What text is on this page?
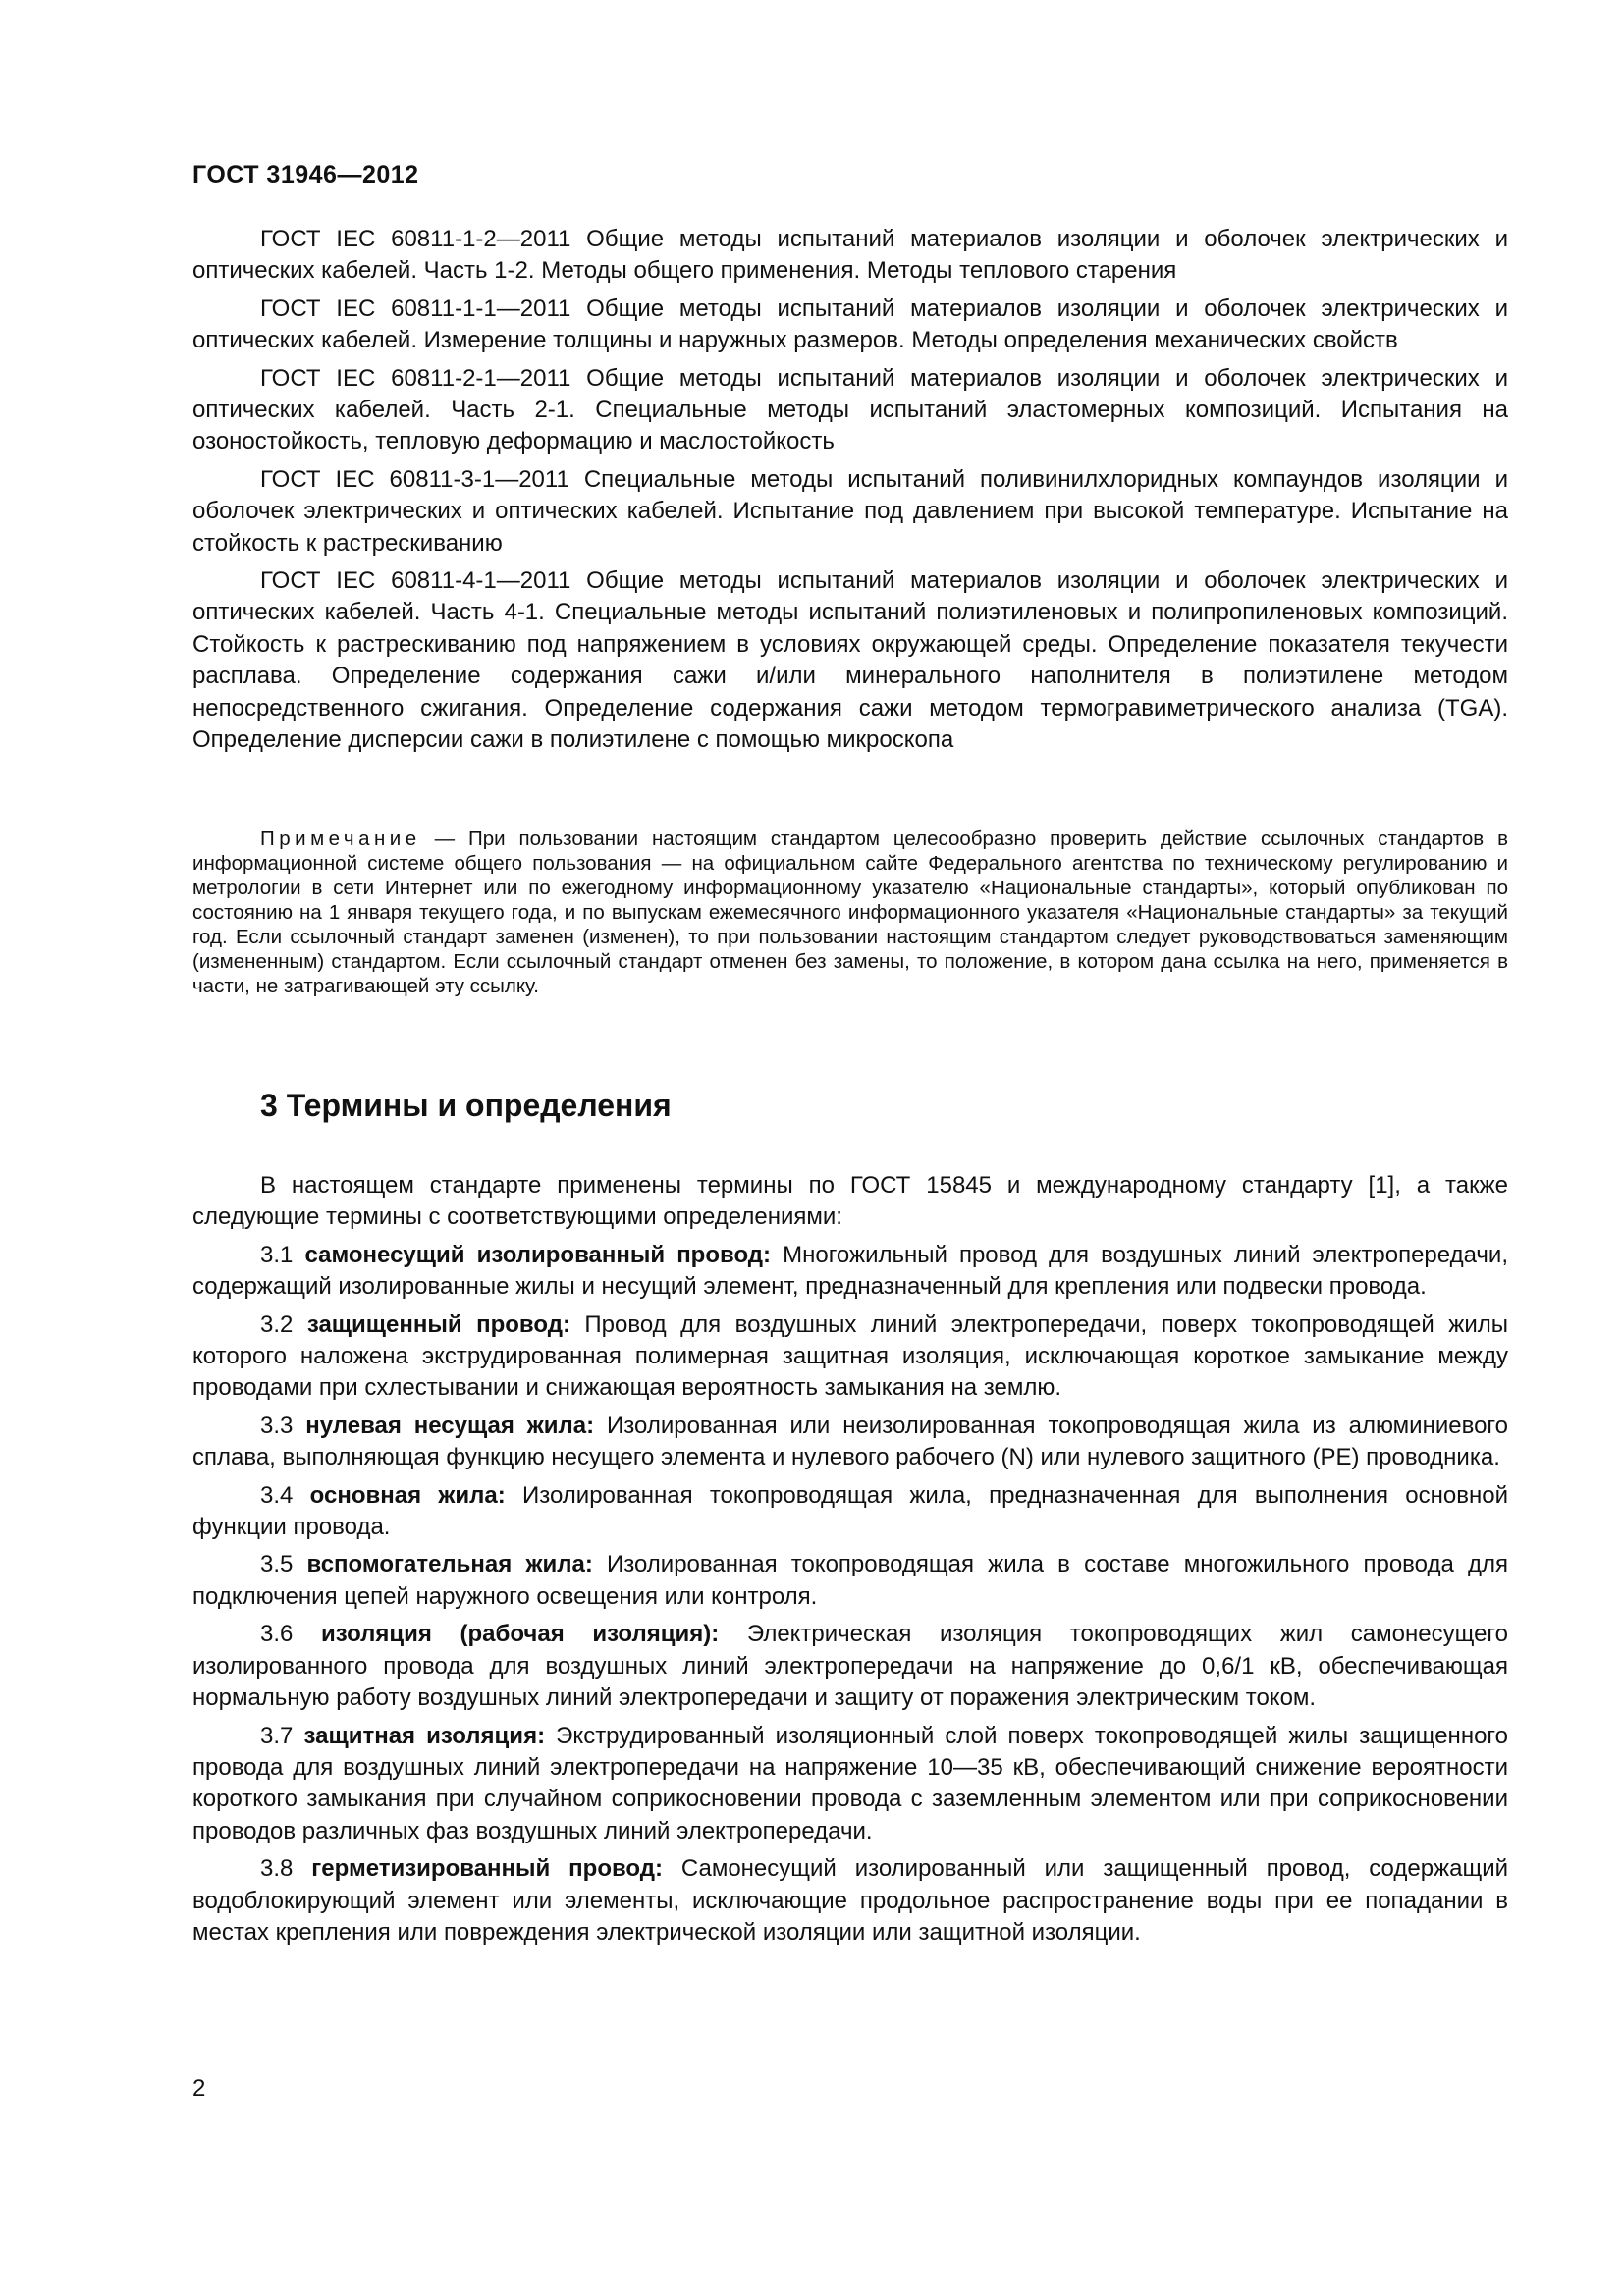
ГОСТ 31946—2012

ГОСТ IEC 60811-1-2—2011 Общие методы испытаний материалов изоляции и оболочек электрических и оптических кабелей. Часть 1-2. Методы общего применения. Методы теплового старения

ГОСТ IEC 60811-1-1—2011 Общие методы испытаний материалов изоляции и оболочек электрических и оптических кабелей. Измерение толщины и наружных размеров. Методы определения механических свойств

ГОСТ IEC 60811-2-1—2011 Общие методы испытаний материалов изоляции и оболочек электрических и оптических кабелей. Часть 2-1. Специальные методы испытаний эластомерных композиций. Испытания на озоностойкость, тепловую деформацию и маслостойкость

ГОСТ IEC 60811-3-1—2011 Специальные методы испытаний поливинилхлоридных компаундов изоляции и оболочек электрических и оптических кабелей. Испытание под давлением при высокой температуре. Испытание на стойкость к растрескиванию

ГОСТ IEC 60811-4-1—2011 Общие методы испытаний материалов изоляции и оболочек электрических и оптических кабелей. Часть 4-1. Специальные методы испытаний полиэтиленовых и полипропиленовых композиций. Стойкость к растрескиванию под напряжением в условиях окружающей среды. Определение показателя текучести расплава. Определение содержания сажи и/или минерального наполнителя в полиэтилене методом непосредственного сжигания. Определение содержания сажи методом термогравиметрического анализа (TGA). Определение дисперсии сажи в полиэтилене с помощью микроскопа

Примечание — При пользовании настоящим стандартом целесообразно проверить действие ссылочных стандартов в информационной системе общего пользования — на официальном сайте Федерального агентства по техническому регулированию и метрологии в сети Интернет или по ежегодному информационному указателю «Национальные стандарты», который опубликован по состоянию на 1 января текущего года, и по выпускам ежемесячного информационного указателя «Национальные стандарты» за текущий год. Если ссылочный стандарт заменен (изменен), то при пользовании настоящим стандартом следует руководствоваться заменяющим (измененным) стандартом. Если ссылочный стандарт отменен без замены, то положение, в котором дана ссылка на него, применяется в части, не затрагивающей эту ссылку.

3 Термины и определения

В настоящем стандарте применены термины по ГОСТ 15845 и международному стандарту [1], а также следующие термины с соответствующими определениями:

3.1 самонесущий изолированный провод: Многожильный провод для воздушных линий электропередачи, содержащий изолированные жилы и несущий элемент, предназначенный для крепления или подвески провода.

3.2 защищенный провод: Провод для воздушных линий электропередачи, поверх токопроводящей жилы которого наложена экструдированная полимерная защитная изоляция, исключающая короткое замыкание между проводами при схлестывании и снижающая вероятность замыкания на землю.

3.3 нулевая несущая жила: Изолированная или неизолированная токопроводящая жила из алюминиевого сплава, выполняющая функцию несущего элемента и нулевого рабочего (N) или нулевого защитного (PE) проводника.

3.4 основная жила: Изолированная токопроводящая жила, предназначенная для выполнения основной функции провода.

3.5 вспомогательная жила: Изолированная токопроводящая жила в составе многожильного провода для подключения цепей наружного освещения или контроля.

3.6 изоляция (рабочая изоляция): Электрическая изоляция токопроводящих жил самонесущего изолированного провода для воздушных линий электропередачи на напряжение до 0,6/1 кВ, обеспечивающая нормальную работу воздушных линий электропередачи и защиту от поражения электрическим током.

3.7 защитная изоляция: Экструдированный изоляционный слой поверх токопроводящей жилы защищенного провода для воздушных линий электропередачи на напряжение 10—35 кВ, обеспечивающий снижение вероятности короткого замыкания при случайном соприкосновении провода с заземленным элементом или при соприкосновении проводов различных фаз воздушных линий электропередачи.

3.8 герметизированный провод: Самонесущий изолированный или защищенный провод, содержащий водоблокирующий элемент или элементы, исключающие продольное распространение воды при ее попадании в местах крепления или повреждения электрической изоляции или защитной изоляции.

2
